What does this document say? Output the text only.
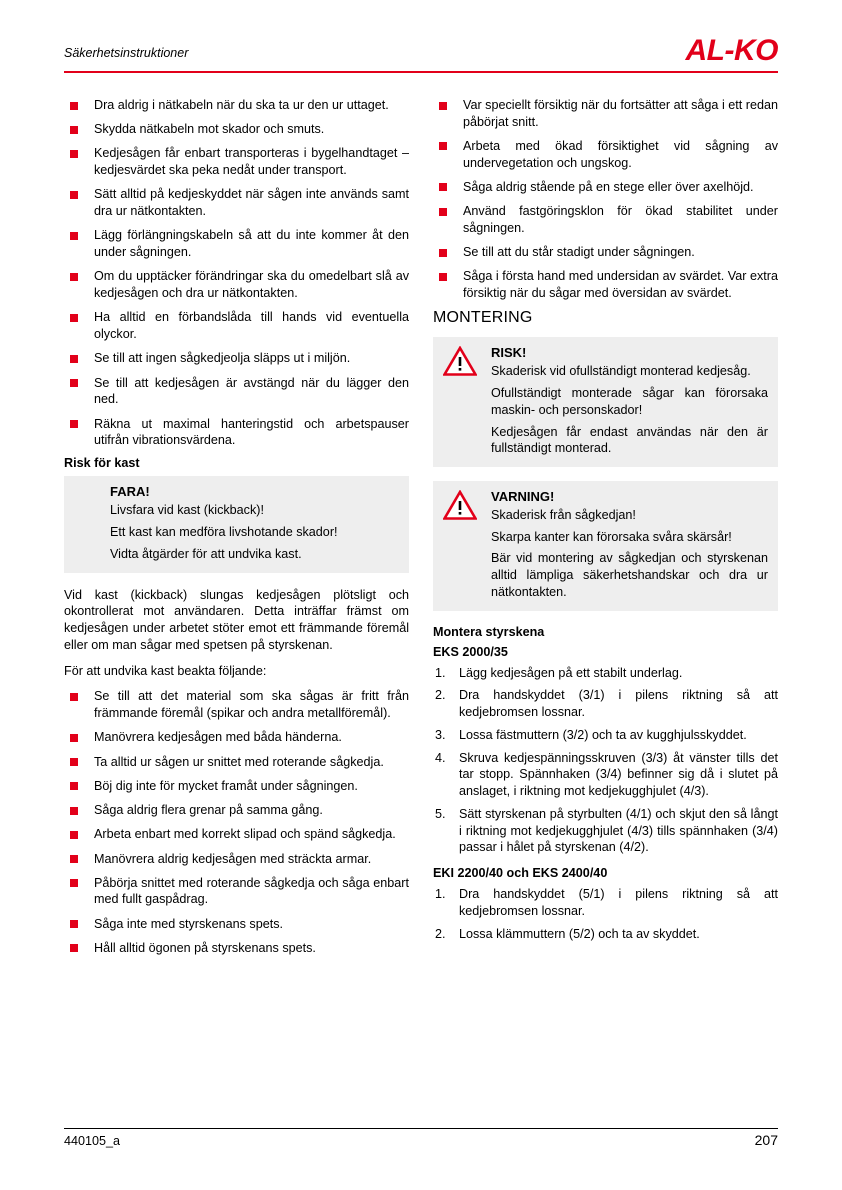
Säkerhetsinstruktioner	AL-KO
Dra aldrig i nätkabeln när du ska ta ur den ur uttaget.
Skydda nätkabeln mot skador och smuts.
Kedjesågen får enbart transporteras i bygelhandtaget – kedjesvärdet ska peka nedåt under transport.
Sätt alltid på kedjeskyddet när sågen inte används samt dra ur nätkontakten.
Lägg förlängningskabeln så att du inte kommer åt den under sågningen.
Om du upptäcker förändringar ska du omedelbart slå av kedjesågen och dra ur nätkontakten.
Ha alltid en förbandslåda till hands vid eventuella olyckor.
Se till att ingen sågkedjeolja släpps ut i miljön.
Se till att kedjesågen är avstängd när du lägger den ned.
Räkna ut maximal hanteringstid och arbetspauser utifrån vibrationsvärdena.
Risk för kast
FARA!

Livsfara vid kast (kickback)!

Ett kast kan medföra livshotande skador!

Vidta åtgärder för att undvika kast.

Vid kast (kickback) slungas kedjesågen plötsligt och okontrollerat mot användaren. Detta inträffar främst om kedjesågen under arbetet stöter emot ett främmande föremål eller om man sågar med spetsen på styrskenan.

För att undvika kast beakta följande:

Se till att det material som ska sågas är fritt från främmande föremål (spikar och andra metallföremål).
Manövrera kedjesågen med båda händerna.
Ta alltid ur sågen ur snittet med roterande sågkedja.
Böj dig inte för mycket framåt under sågningen.
Såga aldrig flera grenar på samma gång.
Arbeta enbart med korrekt slipad och spänd sågkedja.
Manövrera aldrig kedjesågen med sträckta armar.
Påbörja snittet med roterande sågkedja och såga enbart med fullt gaspådrag.
Såga inte med styrskenans spets.
Håll alltid ögonen på styrskenans spets.
Var speciellt försiktig när du fortsätter att såga i ett redan påbörjat snitt.
Arbeta med ökad försiktighet vid sågning av undervegetation och ungskog.
Såga aldrig stående på en stege eller över axelhöjd.
Använd fastgöringsklon för ökad stabilitet under sågningen.
Se till att du står stadigt under sågningen.
Såga i första hand med undersidan av svärdet. Var extra försiktig när du sågar med översidan av svärdet.
MONTERING
RISK!

Skaderisk vid ofullständigt monterad kedjesåg.

Ofullständigt monterade sågar kan förorsaka maskin- och personskador!

Kedjesågen får endast användas när den är fullständigt monterad.

VARNING!

Skaderisk från sågkedjan!

Skarpa kanter kan förorsaka svåra skärsår!

Bär vid montering av sågkedjan och styrskenan alltid lämpliga säkerhetshandskar och dra ur nätkontakten.

Montera styrskena
EKS 2000/35
Lägg kedjesågen på ett stabilt underlag.
Dra handskyddet (3/1) i pilens riktning så att kedjebromsen lossnar.
Lossa fästmuttern (3/2) och ta av kugghjulsskyddet.
Skruva kedjespänningsskruven (3/3) åt vänster tills det tar stopp. Spännhaken (3/4) befinner sig då i slutet på anslaget, i riktning mot kedjekugghjulet (4/3).
Sätt styrskenan på styrbulten (4/1) och skjut den så långt i riktning mot kedjekugghjulet (4/3) tills spännhaken (3/4) passar i hålet på styrskenan (4/2).
EKI 2200/40 och EKS 2400/40
Dra handskyddet (5/1) i pilens riktning så att kedjebromsen lossnar.
Lossa klämmuttern (5/2) och ta av skyddet.
440105_a	207
